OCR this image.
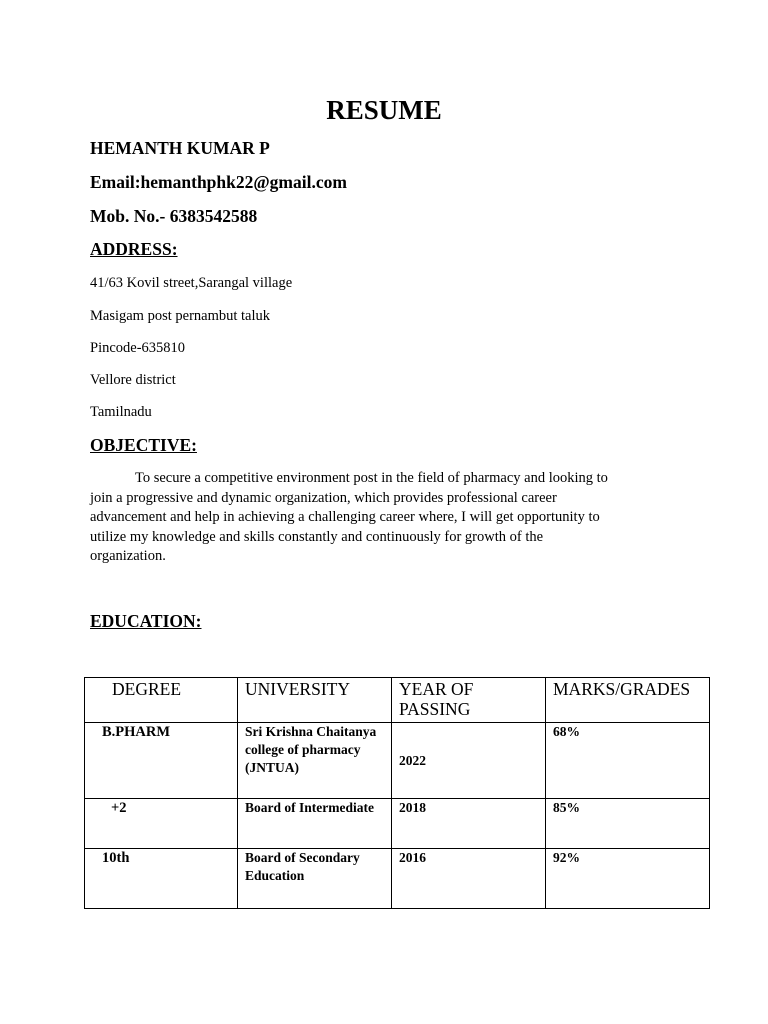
RESUME
HEMANTH KUMAR P
Email:hemanthphk22@gmail.com
Mob. No.- 6383542588
ADDRESS:
41/63 Kovil street,Sarangal village
Masigam post pernambut taluk
Pincode-635810
Vellore district
Tamilnadu
OBJECTIVE:
To secure a competitive environment post in the field of pharmacy and looking to
join a progressive and dynamic organization, which provides professional career
advancement and help in achieving a challenging career where, I will get opportunity to
utilize my knowledge and skills constantly and continuously for growth of the
organization.
EDUCATION:
DEGREE	UNIVERSITY	YEAR OF PASSING	MARKS/GRADES
B.PHARM	Sri Krishna Chaitanya college of pharmacy (JNTUA)	2022	68%
+2	Board of Intermediate	2018	85%
10th	Board of Secondary Education	2016	92%
